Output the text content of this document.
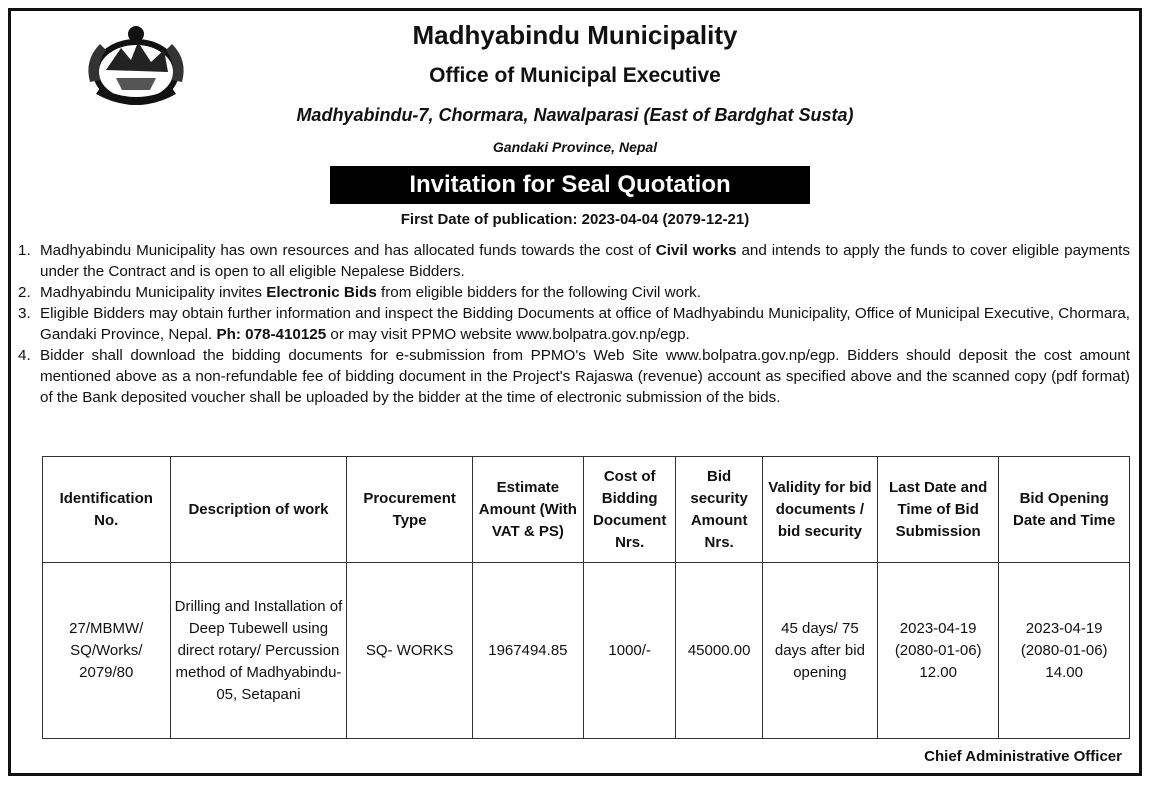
Madhyabindu Municipality
Office of Municipal Executive
Madhyabindu-7, Chormara, Nawalparasi (East of Bardghat Susta)
Gandaki Province, Nepal
Invitation for Seal Quotation
First Date of publication: 2023-04-04 (2079-12-21)
1. Madhyabindu Municipality has own resources and has allocated funds towards the cost of Civil works and intends to apply the funds to cover eligible payments under the Contract and is open to all eligible Nepalese Bidders.
2. Madhyabindu Municipality invites Electronic Bids from eligible bidders for the following Civil work.
3. Eligible Bidders may obtain further information and inspect the Bidding Documents at office of Madhyabindu Municipality, Office of Municipal Executive, Chormara, Gandaki Province, Nepal. Ph: 078-410125 or may visit PPMO website www.bolpatra.gov.np/egp.
4. Bidder shall download the bidding documents for e-submission from PPMO's Web Site www.bolpatra.gov.np/egp. Bidders should deposit the cost amount mentioned above as a non-refundable fee of bidding document in the Project's Rajaswa (revenue) account as specified above and the scanned copy (pdf format) of the Bank deposited voucher shall be uploaded by the bidder at the time of electronic submission of the bids.
Identification No.	Description of work	Procurement Type	Estimate Amount (With VAT & PS)	Cost of Bidding Document Nrs.	Bid security Amount Nrs.	Validity for bid documents / bid security	Last Date and Time of Bid Submission	Bid Opening Date and Time
27/MBMW/ SQ/Works/ 2079/80	Drilling and Installation of Deep Tubewell using direct rotary/ Percussion method of Madhyabindu-05, Setapani	SQ- WORKS	1967494.85	1000/-	45000.00	45 days/ 75 days after bid opening	2023-04-19 (2080-01-06) 12.00	2023-04-19 (2080-01-06) 14.00
Chief Administrative Officer
